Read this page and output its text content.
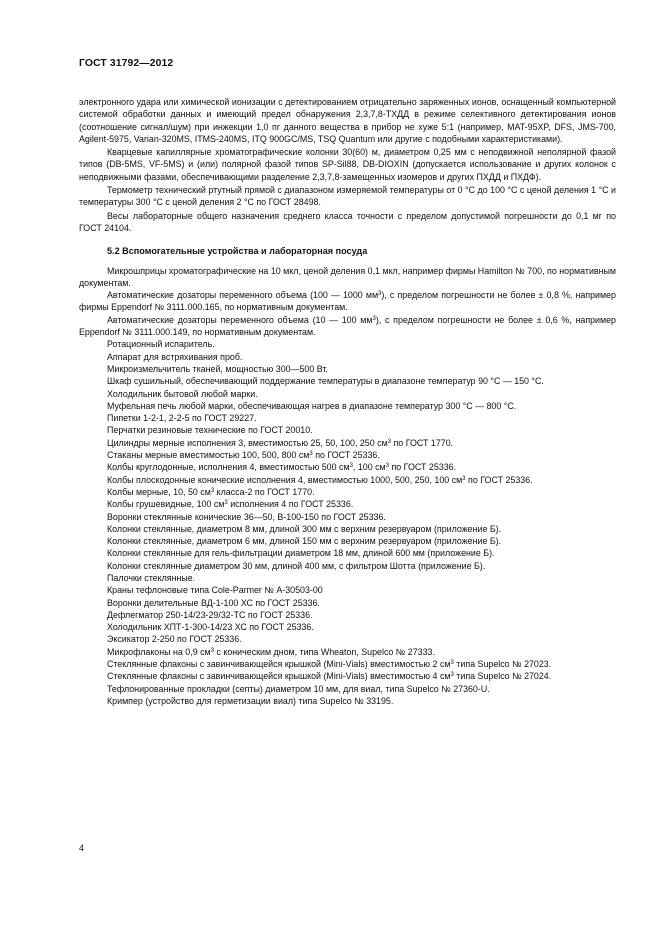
ГОСТ 31792—2012

электронного удара или химической ионизации с детектированием отрицательно заряженных ионов, оснащенный компьютерной системой обработки данных и имеющий предел обнаружения 2,3,7,8-ТХДД в режиме селективного детектирования ионов (соотношение сигнал/шум) при инжекции 1,0 пг данного вещества в прибор не хуже 5:1 (например, MAT-95XP, DFS, JMS-700, Agilent-5975, Varian-320MS, ITMS-240MS, ITQ 900GC/MS, TSQ Quantum или другие с подобными характеристиками).

Кварцевые капиллярные хроматографические колонки 30(60) м, диаметром 0,25 мм с неподвижной неполярной фазой типов (DB-5MS, VF-5MS) и (или) полярной фазой типов SP-Sil88, DB-DIOXIN (допускается использование и других колонок с неподвижными фазами, обеспечивающими разделение 2,3,7,8-замещенных изомеров и других ПХДД и ПХДФ).

Термометр технический ртутный прямой с диапазоном измеряемой температуры от 0 °С до 100 °С с ценой деления 1 °С и температуры 300 °С с ценой деления 2 °С по ГОСТ 28498.

Весы лабораторные общего назначения среднего класса точности с пределом допустимой погрешности до 0,1 мг по ГОСТ 24104.

5.2 Вспомогательные устройства и лабораторная посуда

Микрошприцы хроматографические на 10 мкл, ценой деления 0,1 мкл, например фирмы Hamilton № 700, по нормативным документам.

Автоматические дозаторы переменного объема (100 — 1000 $мм^3$), с пределом погрешности не более ± 0,8 %, например фирмы Eppendorf № 3111.000.165, по нормативным документам.

Автоматические дозаторы переменного объема (10 — 100 $мм^3$), с пределом погрешности не более ± 0,6 %, например Eppendorf № 3111.000.149, по нормативным документам.

Ротационный испаритель.

Аппарат для встряхивания проб.

Микроизмельчитель тканей, мощностью 300—500 Вт.

Шкаф сушильный, обеспечивающий поддержание температуры в диапазоне температур 90 °С — 150 °С.

Холодильник бытовой любой марки.

Муфельная печь любой марки, обеспечивающая нагрев в диапазоне температур 300 °С — 800 °С.

Пипетки 1-2-1, 2-2-5 по ГОСТ 29227.

Перчатки резиновые технические по ГОСТ 20010.

Цилиндры мерные исполнения 3, вместимостью 25, 50, 100, 250 $см^3$ по ГОСТ 1770.

Стаканы мерные вместимостью 100, 500, 800 $см^3$ по ГОСТ 25336.

Колбы круглодонные, исполнения 4, вместимостью 500 $см^3$, 100 $см^3$ по ГОСТ 25336.

Колбы плоскодонные конические исполнения 4, вместимостью 1000, 500, 250, 100 $см^3$ по ГОСТ 25336.

Колбы мерные, 10, 50 $см^3$ класса-2 по ГОСТ 1770.

Колбы грушевидные, 100 $см^3$ исполнения 4 по ГОСТ 25336.

Воронки стеклянные конические 36—50, В-100-150 по ГОСТ 25336.

Колонки стеклянные, диаметром 8 мм, длиной 300 мм с верхним резервуаром (приложение Б).

Колонки стеклянные, диаметром 6 мм, длиной 150 мм с верхним резервуаром (приложение Б).

Колонки стеклянные для гель-фильтрации диаметром 18 мм, длиной 600 мм (приложение Б).

Колонки стеклянные диаметром 30 мм, длиной 400 мм, с фильтром Шотта (приложение Б).

Палочки стеклянные.

Краны тефлоновые типа Cole-Parmer № А-30503-00

Воронки делительные ВД-1-100 ХС по ГОСТ 25336.

Дефлегматор 250-14/23-29/32-ТС по ГОСТ 25336.

Холодильник ХПТ-1-300-14/23 ХС по ГОСТ 25336.

Эксикатор 2-250 по ГОСТ 25336.

Микрофлаконы на 0,9 $см^3$ с коническим дном, типа Wheaton, Supelco № 27333.

Стеклянные флаконы с завинчивающейся крышкой (Mini-Vials) вместимостью 2 $см^3$ типа Supelco № 27023.

Стеклянные флаконы с завинчивающейся крышкой (Mini-Vials) вместимостью 4 $см^3$ типа Supelco № 27024.

Тефлонированные прокладки (септы) диаметром 10 мм, для виал, типа Supelco № 27360-U.

Кримпер (устройство для герметизации виал) типа Supelco № 33195.

4
